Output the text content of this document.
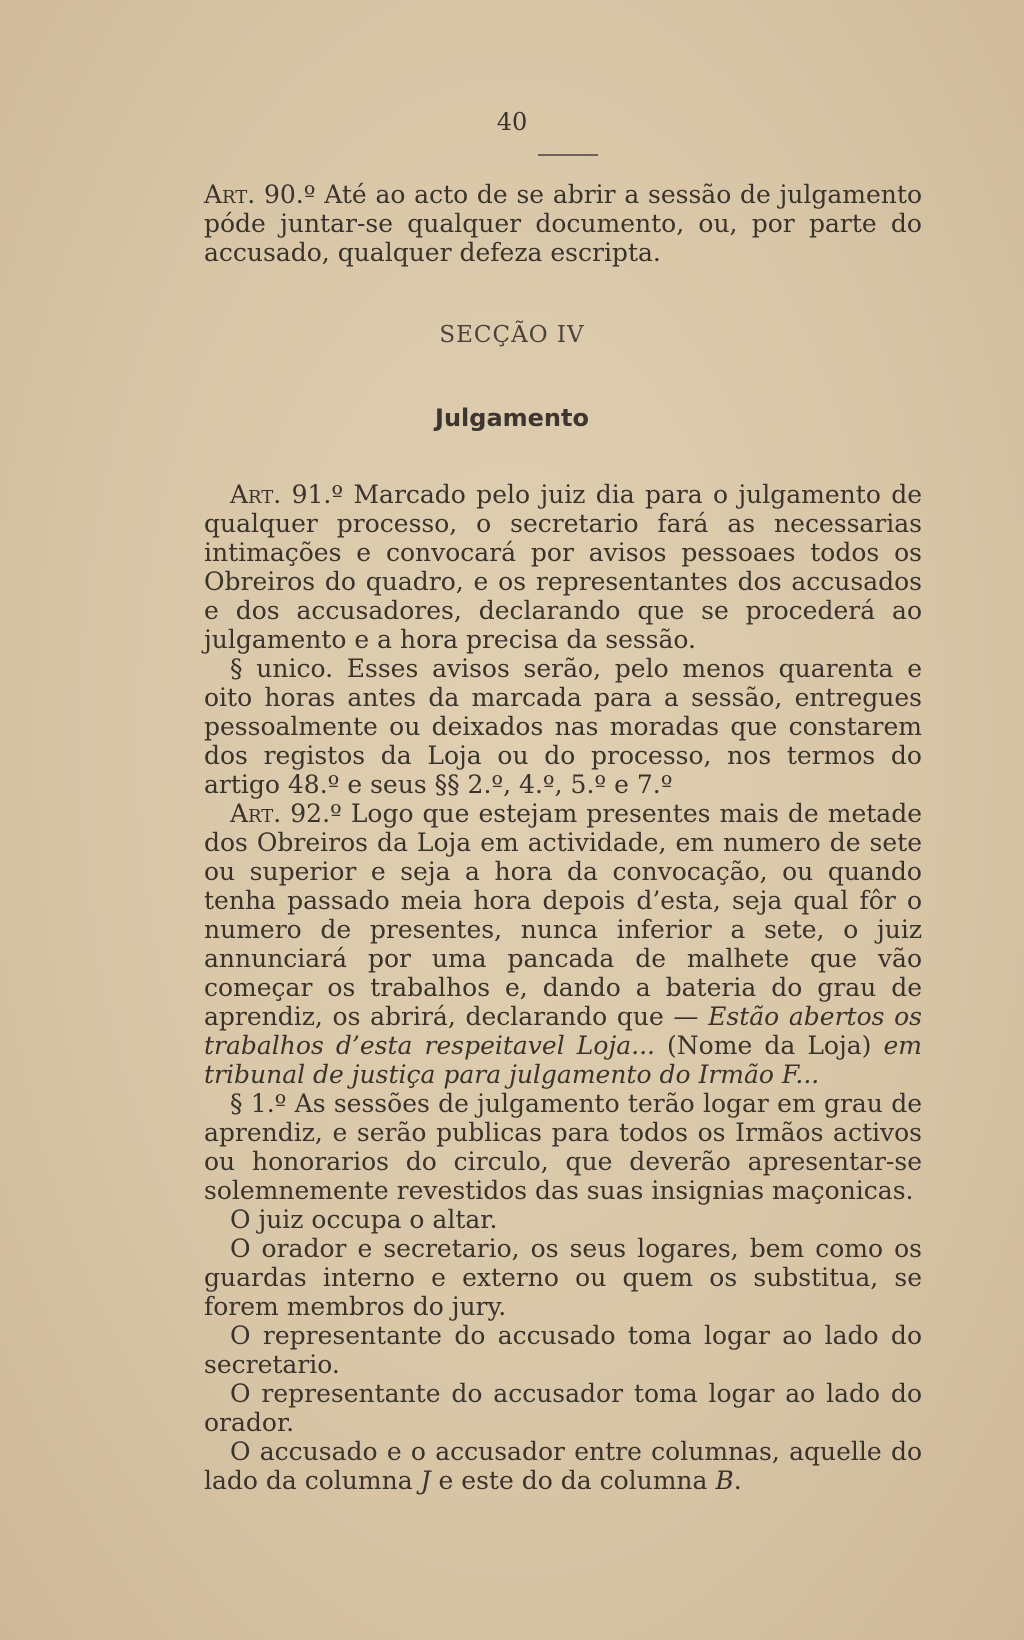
40

Art. 90.º Até ao acto de se abrir a sessão de julgamento póde juntar-se qualquer documento, ou, por parte do accusado, qualquer defeza escripta.

SECÇÃO IV
Julgamento

Art. 91.º Marcado pelo juiz dia para o julgamento de qualquer processo, o secretario fará as necessarias intimações e convocará por avisos pessoaes todos os Obreiros do quadro, e os representantes dos accusados e dos accusadores, declarando que se procederá ao julgamento e a hora precisa da sessão.

§ unico. Esses avisos serão, pelo menos quarenta e oito horas antes da marcada para a sessão, entregues pessoalmente ou deixados nas moradas que constarem dos registos da Loja ou do processo, nos termos do artigo 48.º e seus §§ 2.º, 4.º, 5.º e 7.º

Art. 92.º Logo que estejam presentes mais de metade dos Obreiros da Loja em actividade, em numero de sete ou superior e seja a hora da convocação, ou quando tenha passado meia hora depois d’esta, seja qual fôr o numero de presentes, nunca inferior a sete, o juiz annunciará por uma pancada de malhete que vão começar os trabalhos e, dando a bateria do grau de aprendiz, os abrirá, declarando que — Estão abertos os trabalhos d’esta respeitavel Loja... (Nome da Loja) em tribunal de justiça para julgamento do Irmão F...

§ 1.º As sessões de julgamento terão logar em grau de aprendiz, e serão publicas para todos os Irmãos activos ou honorarios do circulo, que deverão apresentar-se solemnemente revestidos das suas insignias maçonicas.

O juiz occupa o altar.

O orador e secretario, os seus logares, bem como os guardas interno e externo ou quem os substitua, se forem membros do jury.

O representante do accusado toma logar ao lado do secretario.

O representante do accusador toma logar ao lado do orador.

O accusado e o accusador entre columnas, aquelle do lado da columna J e este do da columna B.
